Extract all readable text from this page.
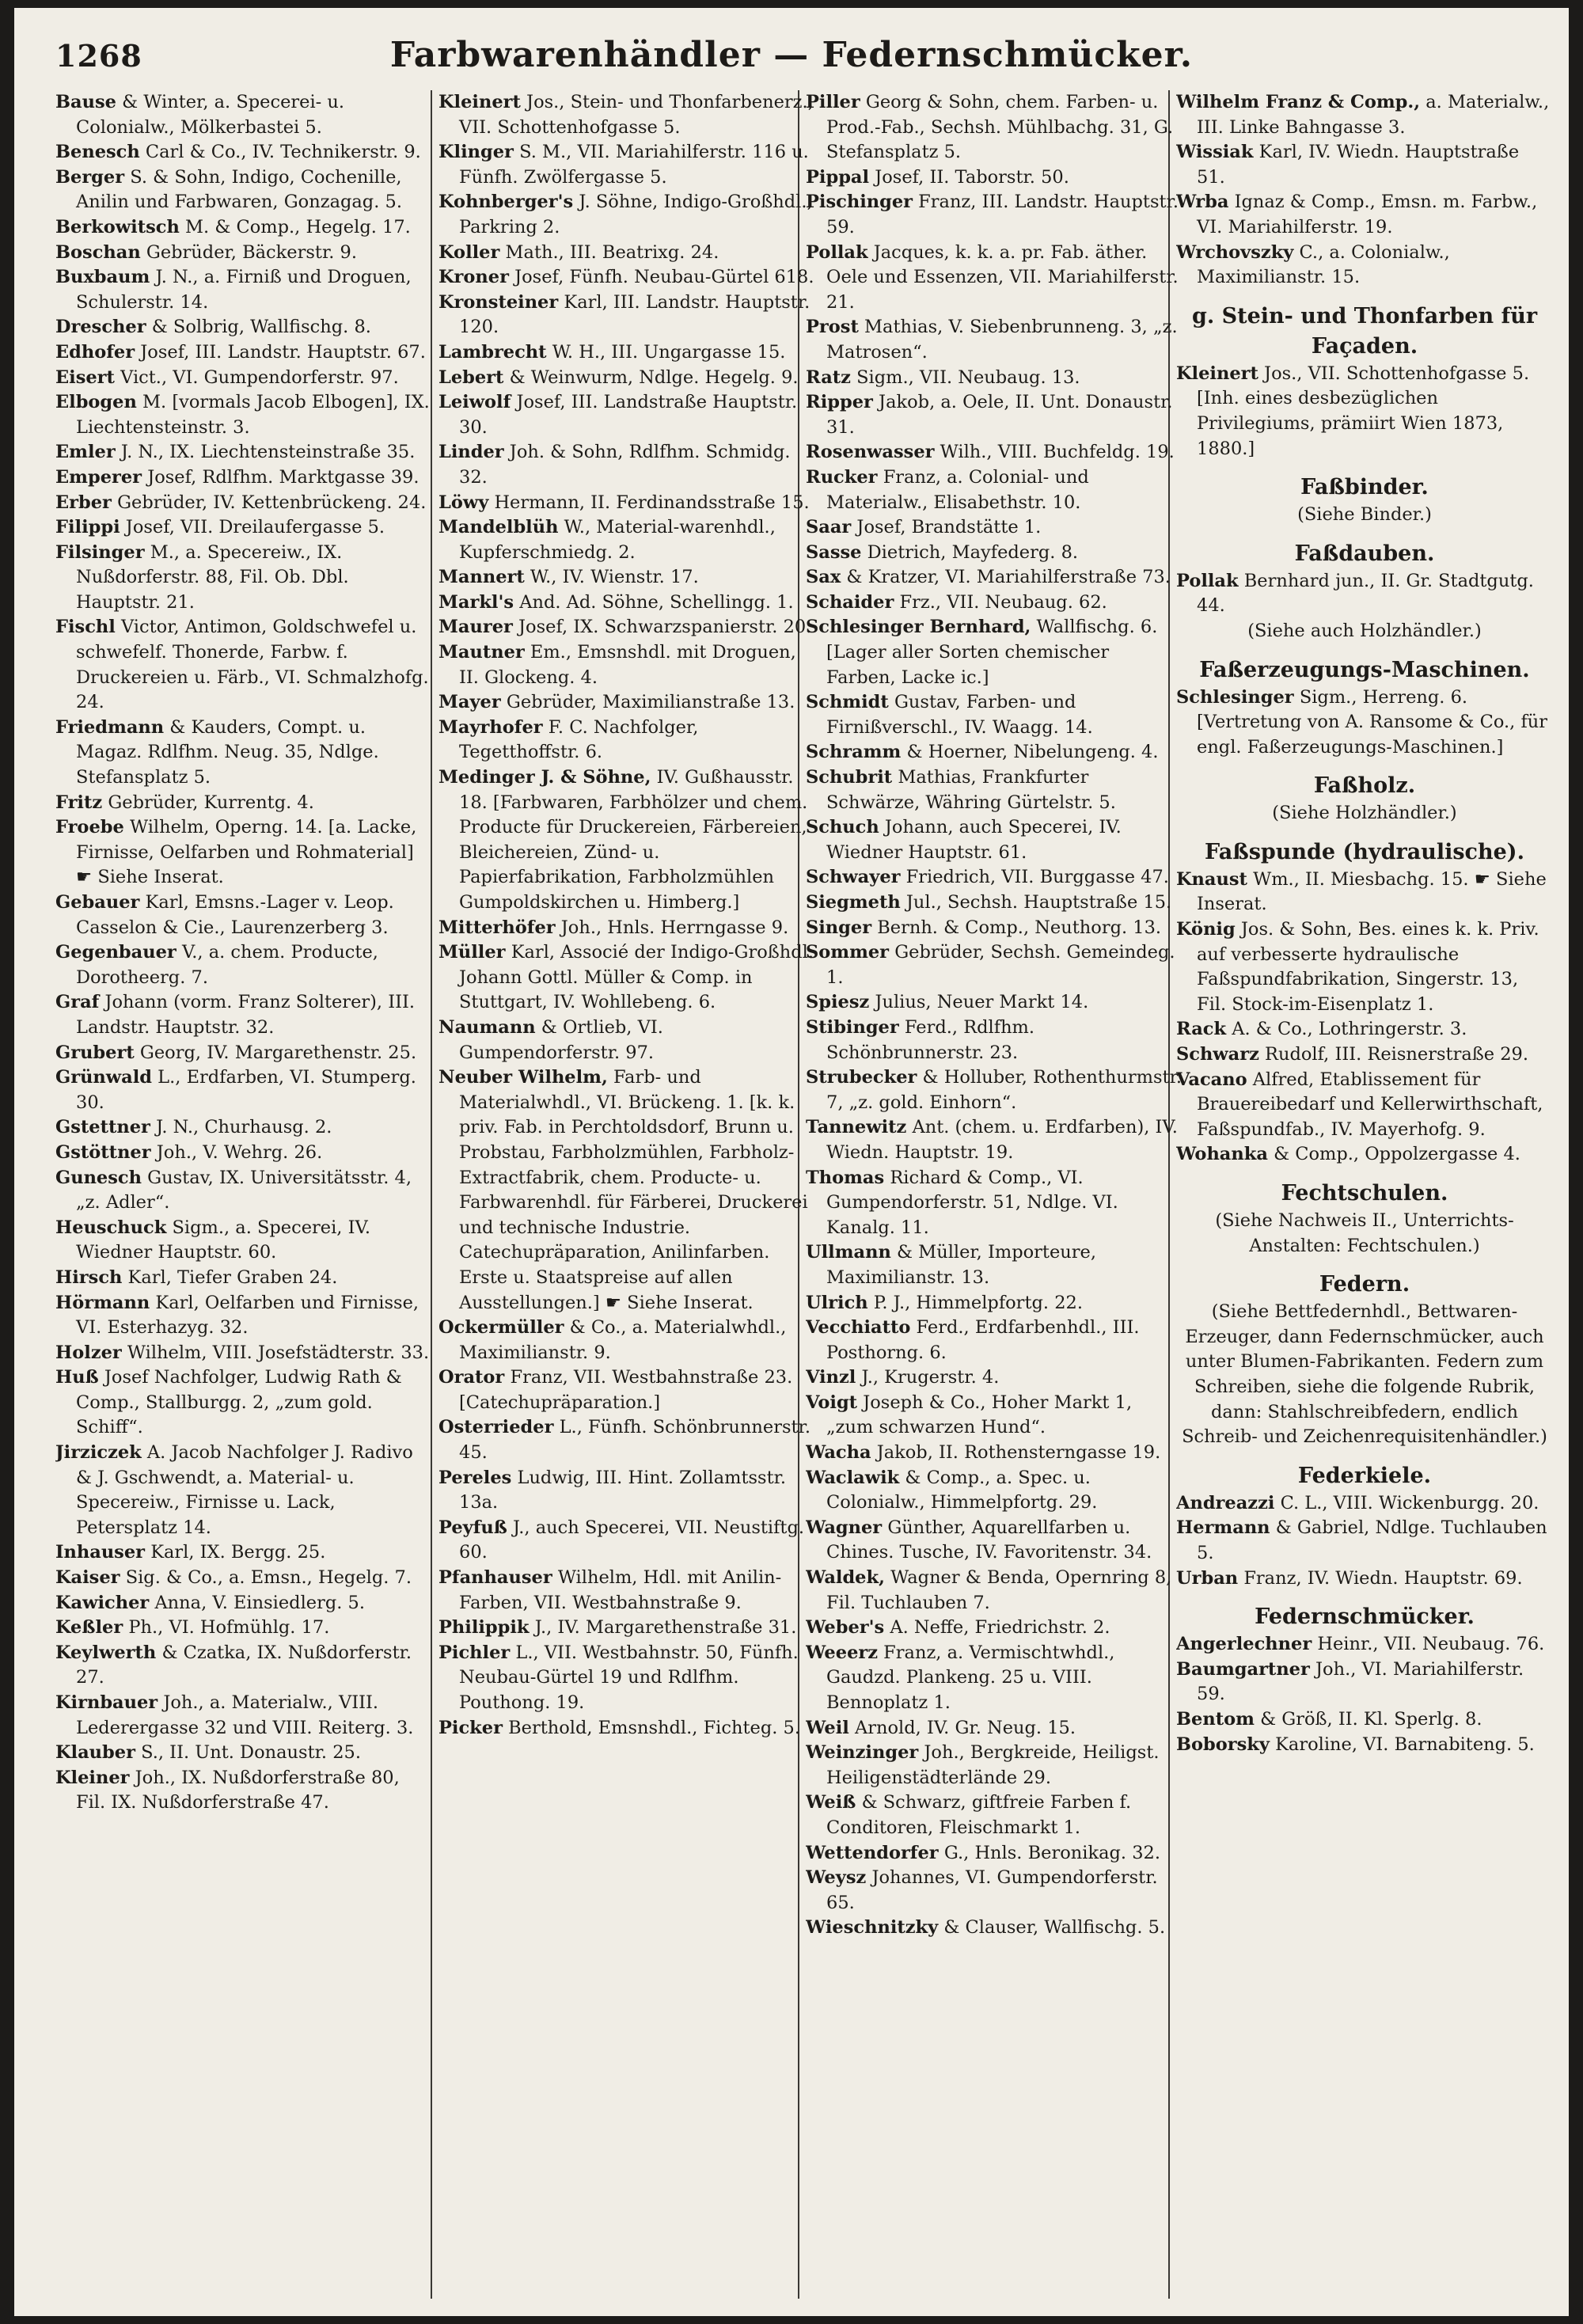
1268	Farbwarenhändler — Federnschmücker.

Bause & Winter, a. Specerei- u. Colonialw., Mölkerbastei 5.

Benesch Carl & Co., IV. Technikerstr. 9.

Berger S. & Sohn, Indigo, Cochenille, Anilin und Farbwaren, Gonzagag. 5.

Berkowitsch M. & Comp., Hegelg. 17.

Boschan Gebrüder, Bäckerstr. 9.

Buxbaum J. N., a. Firniß und Droguen, Schulerstr. 14.

Drescher & Solbrig, Wallfischg. 8.

Edhofer Josef, III. Landstr. Hauptstr. 67.

Eisert Vict., VI. Gumpendorferstr. 97.

Elbogen M. [vormals Jacob Elbogen], IX. Liechtensteinstr. 3.

Emler J. N., IX. Liechtensteinstraße 35.

Emperer Josef, Rdlfhm. Marktgasse 39.

Erber Gebrüder, IV. Kettenbrückeng. 24.

Filippi Josef, VII. Dreilaufergasse 5.

Filsinger M., a. Specereiw., IX. Nußdorferstr. 88, Fil. Ob. Dbl. Hauptstr. 21.

Fischl Victor, Antimon, Goldschwefel u. schwefelf. Thonerde, Farbw. f. Druckereien u. Färb., VI. Schmalzhofg. 24.

Friedmann & Kauders, Compt. u. Magaz. Rdlfhm. Neug. 35, Ndlge. Stefansplatz 5.

Fritz Gebrüder, Kurrentg. 4.

Froebe Wilhelm, Operng. 14. [a. Lacke, Firnisse, Oelfarben und Rohmaterial] ☛ Siehe Inserat.

Gebauer Karl, Emsns.-Lager v. Leop. Casselon & Cie., Laurenzerberg 3.

Gegenbauer V., a. chem. Producte, Dorotheerg. 7.

Graf Johann (vorm. Franz Solterer), III. Landstr. Hauptstr. 32.

Grubert Georg, IV. Margarethenstr. 25.

Grünwald L., Erdfarben, VI. Stumperg. 30.

Gstettner J. N., Churhausg. 2.

Gstöttner Joh., V. Wehrg. 26.

Gunesch Gustav, IX. Universitätsstr. 4, „z. Adler“.

Heuschuck Sigm., a. Specerei, IV. Wiedner Hauptstr. 60.

Hirsch Karl, Tiefer Graben 24.

Hörmann Karl, Oelfarben und Firnisse, VI. Esterhazyg. 32.

Holzer Wilhelm, VIII. Josefstädterstr. 33.

Huß Josef Nachfolger, Ludwig Rath & Comp., Stallburgg. 2, „zum gold. Schiff“.

Jirziczek A. Jacob Nachfolger J. Radivo & J. Gschwendt, a. Material- u. Specereiw., Firnisse u. Lack, Petersplatz 14.

Inhauser Karl, IX. Bergg. 25.

Kaiser Sig. & Co., a. Emsn., Hegelg. 7.

Kawicher Anna, V. Einsiedlerg. 5.

Keßler Ph., VI. Hofmühlg. 17.

Keylwerth & Czatka, IX. Nußdorferstr. 27.

Kirnbauer Joh., a. Materialw., VIII. Lederergasse 32 und VIII. Reiterg. 3.

Klauber S., II. Unt. Donaustr. 25.

Kleiner Joh., IX. Nußdorferstraße 80, Fil. IX. Nußdorferstraße 47.

Kleinert Jos., Stein- und Thonfarbenerz., VII. Schottenhofgasse 5.

Klinger S. M., VII. Mariahilferstr. 116 u. Fünfh. Zwölfergasse 5.

Kohnberger's J. Söhne, Indigo-Großhdl., Parkring 2.

Koller Math., III. Beatrixg. 24.

Kroner Josef, Fünfh. Neubau-Gürtel 618.

Kronsteiner Karl, III. Landstr. Hauptstr. 120.

Lambrecht W. H., III. Ungargasse 15.

Lebert & Weinwurm, Ndlge. Hegelg. 9.

Leiwolf Josef, III. Landstraße Hauptstr. 30.

Linder Joh. & Sohn, Rdlfhm. Schmidg. 32.

Löwy Hermann, II. Ferdinandsstraße 15.

Mandelblüh W., Material-warenhdl., Kupferschmiedg. 2.

Mannert W., IV. Wienstr. 17.

Markl's And. Ad. Söhne, Schellingg. 1.

Maurer Josef, IX. Schwarzspanierstr. 20.

Mautner Em., Emsnshdl. mit Droguen, II. Glockeng. 4.

Mayer Gebrüder, Maximilianstraße 13.

Mayrhofer F. C. Nachfolger, Tegetthoffstr. 6.

Medinger J. & Söhne, IV. Gußhausstr. 18. [Farbwaren, Farbhölzer und chem. Producte für Druckereien, Färbereien, Bleichereien, Zünd- u. Papierfabrikation, Farbholzmühlen Gumpoldskirchen u. Himberg.]

Mitterhöfer Joh., Hnls. Herrngasse 9.

Müller Karl, Associé der Indigo-Großhdl. Johann Gottl. Müller & Comp. in Stuttgart, IV. Wohllebeng. 6.

Naumann & Ortlieb, VI. Gumpendorferstr. 97.

Neuber Wilhelm, Farb- und Materialwhdl., VI. Brückeng. 1. [k. k. priv. Fab. in Perchtoldsdorf, Brunn u. Probstau, Farbholzmühlen, Farbholz-Extractfabrik, chem. Producte- u. Farbwarenhdl. für Färberei, Druckerei und technische Industrie. Catechupräparation, Anilinfarben. Erste u. Staatspreise auf allen Ausstellungen.] ☛ Siehe Inserat.

Ockermüller & Co., a. Materialwhdl., Maximilianstr. 9.

Orator Franz, VII. Westbahnstraße 23. [Catechupräparation.]

Osterrieder L., Fünfh. Schönbrunnerstr. 45.

Pereles Ludwig, III. Hint. Zollamtsstr. 13a.

Peyfuß J., auch Specerei, VII. Neustiftg. 60.

Pfanhauser Wilhelm, Hdl. mit Anilin-Farben, VII. Westbahnstraße 9.

Philippik J., IV. Margarethenstraße 31.

Pichler L., VII. Westbahnstr. 50, Fünfh. Neubau-Gürtel 19 und Rdlfhm. Pouthong. 19.

Picker Berthold, Emsnshdl., Fichteg. 5.

Piller Georg & Sohn, chem. Farben- u. Prod.-Fab., Sechsh. Mühlbachg. 31, G. Stefansplatz 5.

Pippal Josef, II. Taborstr. 50.

Pischinger Franz, III. Landstr. Hauptstr. 59.

Pollak Jacques, k. k. a. pr. Fab. äther. Oele und Essenzen, VII. Mariahilferstr. 21.

Prost Mathias, V. Siebenbrunneng. 3, „z. Matrosen“.

Ratz Sigm., VII. Neubaug. 13.

Ripper Jakob, a. Oele, II. Unt. Donaustr. 31.

Rosenwasser Wilh., VIII. Buchfeldg. 19.

Rucker Franz, a. Colonial- und Materialw., Elisabethstr. 10.

Saar Josef, Brandstätte 1.

Sasse Dietrich, Mayfederg. 8.

Sax & Kratzer, VI. Mariahilferstraße 73.

Schaider Frz., VII. Neubaug. 62.

Schlesinger Bernhard, Wallfischg. 6. [Lager aller Sorten chemischer Farben, Lacke ic.]

Schmidt Gustav, Farben- und Firnißverschl., IV. Waagg. 14.

Schramm & Hoerner, Nibelungeng. 4.

Schubrit Mathias, Frankfurter Schwärze, Währing Gürtelstr. 5.

Schuch Johann, auch Specerei, IV. Wiedner Hauptstr. 61.

Schwayer Friedrich, VII. Burggasse 47.

Siegmeth Jul., Sechsh. Hauptstraße 15.

Singer Bernh. & Comp., Neuthorg. 13.

Sommer Gebrüder, Sechsh. Gemeindeg. 1.

Spiesz Julius, Neuer Markt 14.

Stibinger Ferd., Rdlfhm. Schönbrunnerstr. 23.

Strubecker & Holluber, Rothenthurmstr. 7, „z. gold. Einhorn“.

Tannewitz Ant. (chem. u. Erdfarben), IV. Wiedn. Hauptstr. 19.

Thomas Richard & Comp., VI. Gumpendorferstr. 51, Ndlge. VI. Kanalg. 11.

Ullmann & Müller, Importeure, Maximilianstr. 13.

Ulrich P. J., Himmelpfortg. 22.

Vecchiatto Ferd., Erdfarbenhdl., III. Posthorng. 6.

Vinzl J., Krugerstr. 4.

Voigt Joseph & Co., Hoher Markt 1, „zum schwarzen Hund“.

Wacha Jakob, II. Rothensterngasse 19.

Waclawik & Comp., a. Spec. u. Colonialw., Himmelpfortg. 29.

Wagner Günther, Aquarellfarben u. Chines. Tusche, IV. Favoritenstr. 34.

Waldek, Wagner & Benda, Opernring 8, Fil. Tuchlauben 7.

Weber's A. Neffe, Friedrichstr. 2.

Weeerz Franz, a. Vermischtwhdl., Gaudzd. Plankeng. 25 u. VIII. Bennoplatz 1.

Weil Arnold, IV. Gr. Neug. 15.

Weinzinger Joh., Bergkreide, Heiligst. Heiligenstädterlände 29.

Weiß & Schwarz, giftfreie Farben f. Conditoren, Fleischmarkt 1.

Wettendorfer G., Hnls. Beronikag. 32.

Weysz Johannes, VI. Gumpendorferstr. 65.

Wieschnitzky & Clauser, Wallfischg. 5.

Wilhelm Franz & Comp., a. Materialw., III. Linke Bahngasse 3.

Wissiak Karl, IV. Wiedn. Hauptstraße 51.

Wrba Ignaz & Comp., Emsn. m. Farbw., VI. Mariahilferstr. 19.

Wrchovszky C., a. Colonialw., Maximilianstr. 15.

g. Stein- und Thonfarben für Façaden.

Kleinert Jos., VII. Schottenhofgasse 5. [Inh. eines desbezüglichen Privilegiums, prämiirt Wien 1873, 1880.]

Faßbinder.
(Siehe Binder.)
Faßdauben.

Pollak Bernhard jun., II. Gr. Stadtgutg. 44.

(Siehe auch Holzhändler.)
Faßerzeugungs-Maschinen.

Schlesinger Sigm., Herreng. 6. [Vertretung von A. Ransome & Co., für engl. Faßerzeugungs-Maschinen.]

Faßholz.
(Siehe Holzhändler.)
Faßspunde (hydraulische).

Knaust Wm., II. Miesbachg. 15. ☛ Siehe Inserat.

König Jos. & Sohn, Bes. eines k. k. Priv. auf verbesserte hydraulische Faßspundfabrikation, Singerstr. 13, Fil. Stock-im-Eisenplatz 1.

Rack A. & Co., Lothringerstr. 3.

Schwarz Rudolf, III. Reisnerstraße 29.

Vacano Alfred, Etablissement für Brauereibedarf und Kellerwirthschaft, Faßspundfab., IV. Mayerhofg. 9.

Wohanka & Comp., Oppolzergasse 4.

Fechtschulen.
(Siehe Nachweis II., Unterrichts-Anstalten: Fechtschulen.)
Federn.
(Siehe Bettfedernhdl., Bettwaren-Erzeuger, dann Federnschmücker, auch unter Blumen-Fabrikanten. Federn zum Schreiben, siehe die folgende Rubrik, dann: Stahlschreibfedern, endlich Schreib- und Zeichenrequisitenhändler.)
Federkiele.

Andreazzi C. L., VIII. Wickenburgg. 20.

Hermann & Gabriel, Ndlge. Tuchlauben 5.

Urban Franz, IV. Wiedn. Hauptstr. 69.

Federnschmücker.

Angerlechner Heinr., VII. Neubaug. 76.

Baumgartner Joh., VI. Mariahilferstr. 59.

Bentom & Größ, II. Kl. Sperlg. 8.

Boborsky Karoline, VI. Barnabiteng. 5.
